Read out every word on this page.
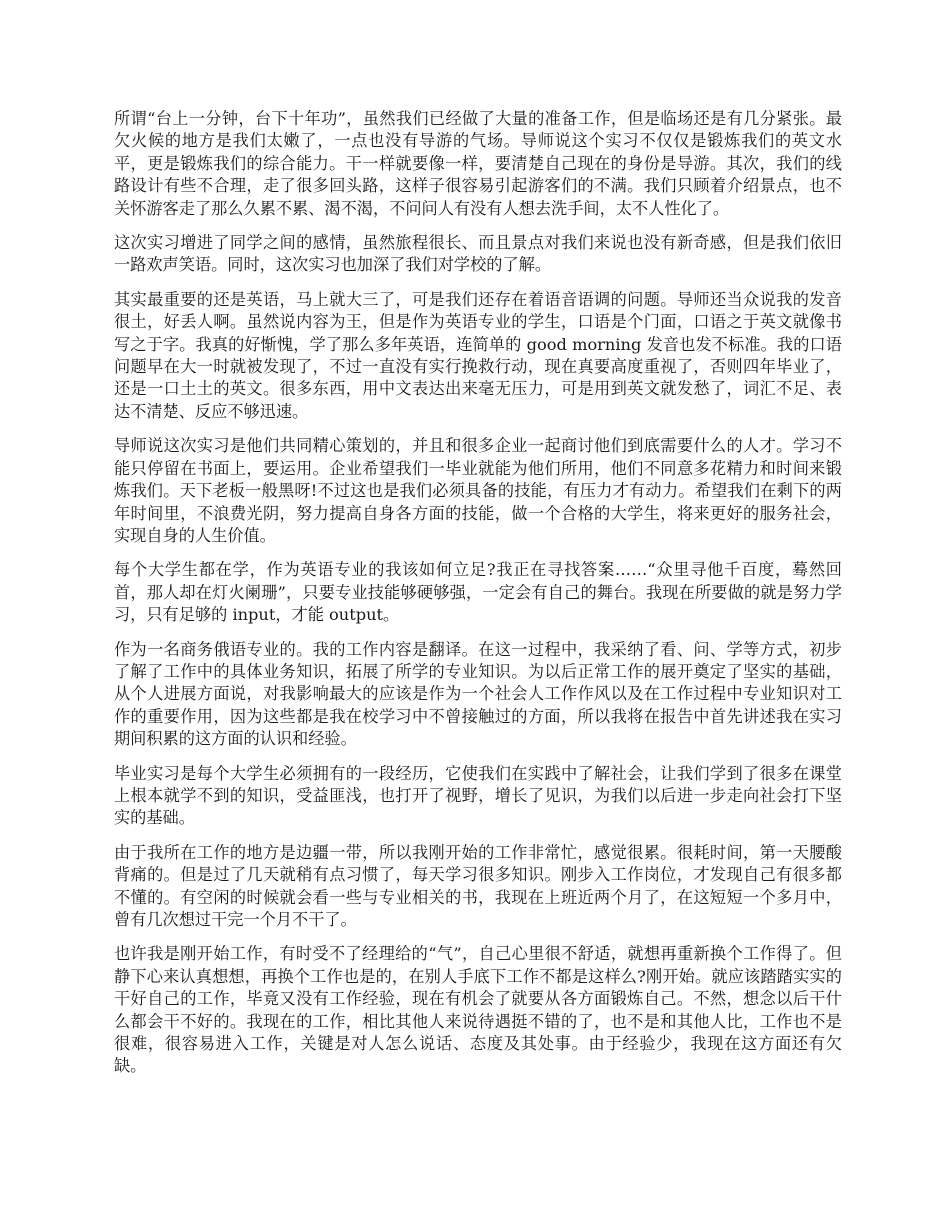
所谓“台上一分钟，台下十年功”，虽然我们已经做了大量的准备工作，但是临场还是有几分紧张。最欠火候的地方是我们太嫩了，一点也没有导游的气场。导师说这个实习不仅仅是锻炼我们的英文水平，更是锻炼我们的综合能力。干一样就要像一样，要清楚自己现在的身份是导游。其次，我们的线路设计有些不合理，走了很多回头路，这样子很容易引起游客们的不满。我们只顾着介绍景点，也不关怀游客走了那么久累不累、渴不渴，不问问人有没有人想去洗手间，太不人性化了。

这次实习增进了同学之间的感情，虽然旅程很长、而且景点对我们来说也没有新奇感，但是我们依旧一路欢声笑语。同时，这次实习也加深了我们对学校的了解。

其实最重要的还是英语，马上就大三了，可是我们还存在着语音语调的问题。导师还当众说我的发音很土，好丢人啊。虽然说内容为王，但是作为英语专业的学生，口语是个门面，口语之于英文就像书写之于字。我真的好惭愧，学了那么多年英语，连简单的 good morning 发音也发不标准。我的口语问题早在大一时就被发现了，不过一直没有实行挽救行动，现在真要高度重视了，否则四年毕业了，还是一口土土的英文。很多东西，用中文表达出来毫无压力，可是用到英文就发愁了，词汇不足、表达不清楚、反应不够迅速。

导师说这次实习是他们共同精心策划的，并且和很多企业一起商讨他们到底需要什么的人才。学习不能只停留在书面上，要运用。企业希望我们一毕业就能为他们所用，他们不同意多花精力和时间来锻炼我们。天下老板一般黑呀!不过这也是我们必须具备的技能，有压力才有动力。希望我们在剩下的两年时间里，不浪费光阴，努力提高自身各方面的技能，做一个合格的大学生，将来更好的服务社会，实现自身的人生价值。

每个大学生都在学，作为英语专业的我该如何立足?我正在寻找答案……“众里寻他千百度，蓦然回首，那人却在灯火阑珊”，只要专业技能够硬够强，一定会有自己的舞台。我现在所要做的就是努力学习，只有足够的 input，才能 output。

作为一名商务俄语专业的。我的工作内容是翻译。在这一过程中，我采纳了看、问、学等方式，初步了解了工作中的具体业务知识，拓展了所学的专业知识。为以后正常工作的展开奠定了坚实的基础，从个人进展方面说，对我影响最大的应该是作为一个社会人工作作风以及在工作过程中专业知识对工作的重要作用，因为这些都是我在校学习中不曾接触过的方面，所以我将在报告中首先讲述我在实习期间积累的这方面的认识和经验。

毕业实习是每个大学生必须拥有的一段经历，它使我们在实践中了解社会，让我们学到了很多在课堂上根本就学不到的知识，受益匪浅，也打开了视野，增长了见识，为我们以后进一步走向社会打下坚实的基础。

由于我所在工作的地方是边疆一带，所以我刚开始的工作非常忙，感觉很累。很耗时间，第一天腰酸背痛的。但是过了几天就稍有点习惯了，每天学习很多知识。刚步入工作岗位，才发现自己有很多都不懂的。有空闲的时候就会看一些与专业相关的书，我现在上班近两个月了，在这短短一个多月中，曾有几次想过干完一个月不干了。

也许我是刚开始工作，有时受不了经理给的“气”，自己心里很不舒适，就想再重新换个工作得了。但静下心来认真想想，再换个工作也是的，在别人手底下工作不都是这样么?刚开始。就应该踏踏实实的干好自己的工作，毕竟又没有工作经验，现在有机会了就要从各方面锻炼自己。不然，想念以后干什么都会干不好的。我现在的工作，相比其他人来说待遇挺不错的了，也不是和其他人比，工作也不是很难，很容易进入工作，关键是对人怎么说话、态度及其处事。由于经验少，我现在这方面还有欠缺。
